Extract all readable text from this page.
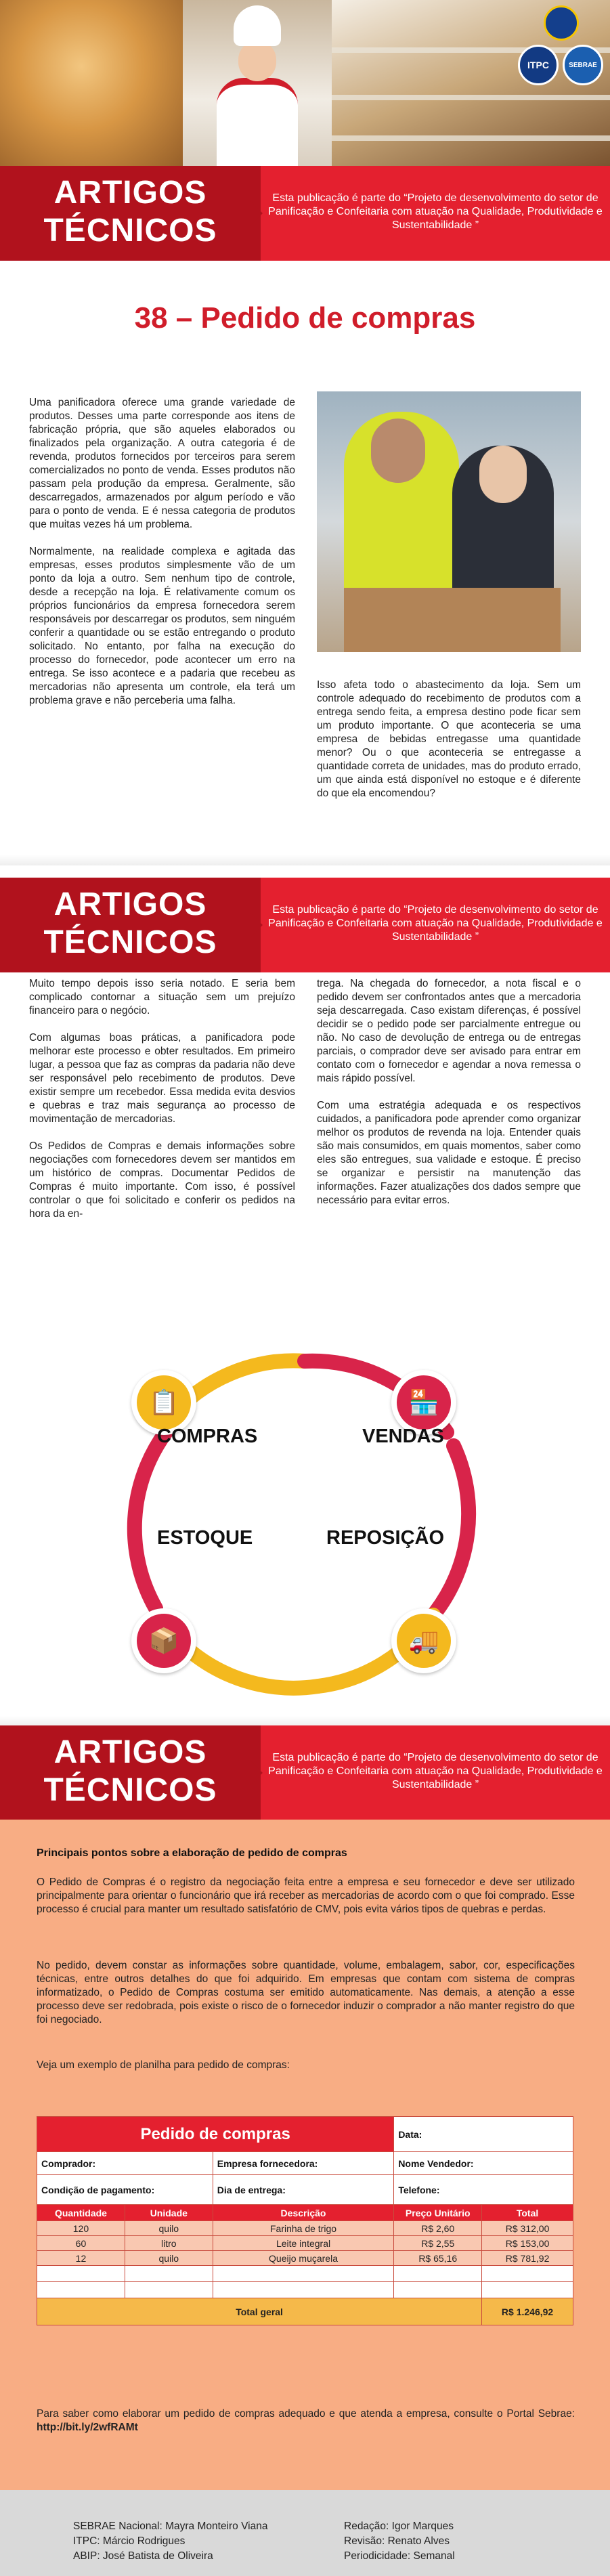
ITPC	SEBRAE
ARTIGOS
TÉCNICOS
Esta publicação é parte do “Projeto de desenvolvimento do setor de Panificação e Confeitaria com atuação na Qualidade, Produtividade e Sustentabilidade ”
38 – Pedido de compras

Uma panificadora oferece uma grande variedade de produtos. Desses uma parte corresponde aos itens de fabricação própria, que são aqueles elaborados ou finalizados pela organização. A outra categoria é de revenda, produtos fornecidos por terceiros para serem comercializados no ponto de venda. Esses produtos não passam pela produção da empresa. Geralmente, são descarregados, armazenados por algum período e vão para o ponto de venda. E é nessa categoria de produtos que muitas vezes há um problema.

Normalmente, na realidade complexa e agitada das empresas, esses produtos simplesmente vão de um ponto da loja a outro. Sem nenhum tipo de controle, desde a recepção na loja. É relativamente comum os próprios funcionários da empresa fornecedora serem responsáveis por descarregar os produtos, sem ninguém conferir a quantidade ou se estão entregando o produto solicitado. No entanto, por falha na execução do processo do fornecedor, pode acontecer um erro na entrega. Se isso acontece e a padaria que recebeu as mercadorias não apresenta um controle, ela terá um problema grave e não perceberia uma falha.

Isso afeta todo o abastecimento da loja. Sem um controle adequado do recebimento de produtos com a entrega sendo feita, a empresa destino pode ficar sem um produto importante. O que aconteceria se uma empresa de bebidas entregasse uma quantidade menor? Ou o que aconteceria se entregasse a quantidade correta de unidades, mas do produto errado, um que ainda está disponível no estoque e é diferente do que ela encomendou?

ARTIGOS
TÉCNICOS
Esta publicação é parte do “Projeto de desenvolvimento do setor de Panificação e Confeitaria com atuação na Qualidade, Produtividade e Sustentabilidade ”

Muito tempo depois isso seria notado. E seria bem complicado contornar a situação sem um prejuízo financeiro para o negócio.

Com algumas boas práticas, a panificadora pode melhorar este processo e obter resultados. Em primeiro lugar, a pessoa que faz as compras da padaria não deve ser responsável pelo recebimento de produtos. Deve existir sempre um recebedor. Essa medida evita desvios e quebras e traz mais segurança ao processo de movimentação de mercadorias.

Os Pedidos de Compras e demais informações sobre negociações com fornecedores devem ser mantidos em um histórico de compras. Documentar Pedidos de Compras é muito importante. Com isso, é possível controlar o que foi solicitado e conferir os pedidos na hora da en-

trega. Na chegada do fornecedor, a nota fiscal e o pedido devem ser confrontados antes que a mercadoria seja descarregada. Caso existam diferenças, é possível decidir se o pedido pode ser parcialmente entregue ou não. No caso de devolução de entrega ou de entregas parciais, o comprador deve ser avisado para entrar em contato com o fornecedor e agendar a nova remessa o mais rápido possível.

Com uma estratégia adequada e os respectivos cuidados, a panificadora pode aprender como organizar melhor os produtos de revenda na loja. Entender quais são mais consumidos, em quais momentos, saber como eles são entregues, sua validade e estoque. É preciso se organizar e persistir na manutenção das informações. Fazer atualizações dos dados sempre que necessário para evitar erros.

📋	🏪
📦	🚚
COMPRAS	VENDAS
ESTOQUE	REPOSIÇÃO
ARTIGOS
TÉCNICOS
Esta publicação é parte do “Projeto de desenvolvimento do setor de Panificação e Confeitaria com atuação na Qualidade, Produtividade e Sustentabilidade ”
Principais pontos sobre a elaboração de pedido de compras
O Pedido de Compras é o registro da negociação feita entre a empresa e seu fornecedor e deve ser utilizado principalmente para orientar o funcionário que irá receber as mercadorias de acordo com o que foi comprado. Esse processo é crucial para manter um resultado satisfatório de CMV, pois evita vários tipos de quebras e perdas.
No pedido, devem constar as informações sobre quantidade, volume, embalagem, sabor, cor, especificações técnicas, entre outros detalhes do que foi adquirido. Em empresas que contam com sistema de compras informatizado, o Pedido de Compras costuma ser emitido automaticamente. Nas demais, a atenção a esse processo deve ser redobrada, pois existe o risco de o fornecedor induzir o comprador a não manter registro do que foi negociado.
Veja um exemplo de planilha para pedido de compras:
Pedido de compras			Data:	
Comprador:		Empresa fornecedora:	Nome Vendedor:	
Condição de pagamento:		Dia de entrega:	Telefone:	
Quantidade	Unidade	Descrição	Preço Unitário	Total
120	quilo	Farinha de trigo	R$ 2,60	R$ 312,00
60	litro	Leite integral	R$ 2,55	R$ 153,00
12	quilo	Queijo muçarela	R$ 65,16	R$ 781,92

Total geral				R$ 1.246,92
Para saber como elaborar um pedido de compras adequado e que atenda a empresa, consulte o Portal Sebrae: http://bit.ly/2wfRAMt
SEBRAE Nacional: Mayra Monteiro Viana
ITPC: Márcio Rodrigues
ABIP: José Batista de Oliveira
Redação: Igor Marques
Revisão: Renato Alves
Periodicidade: Semanal
